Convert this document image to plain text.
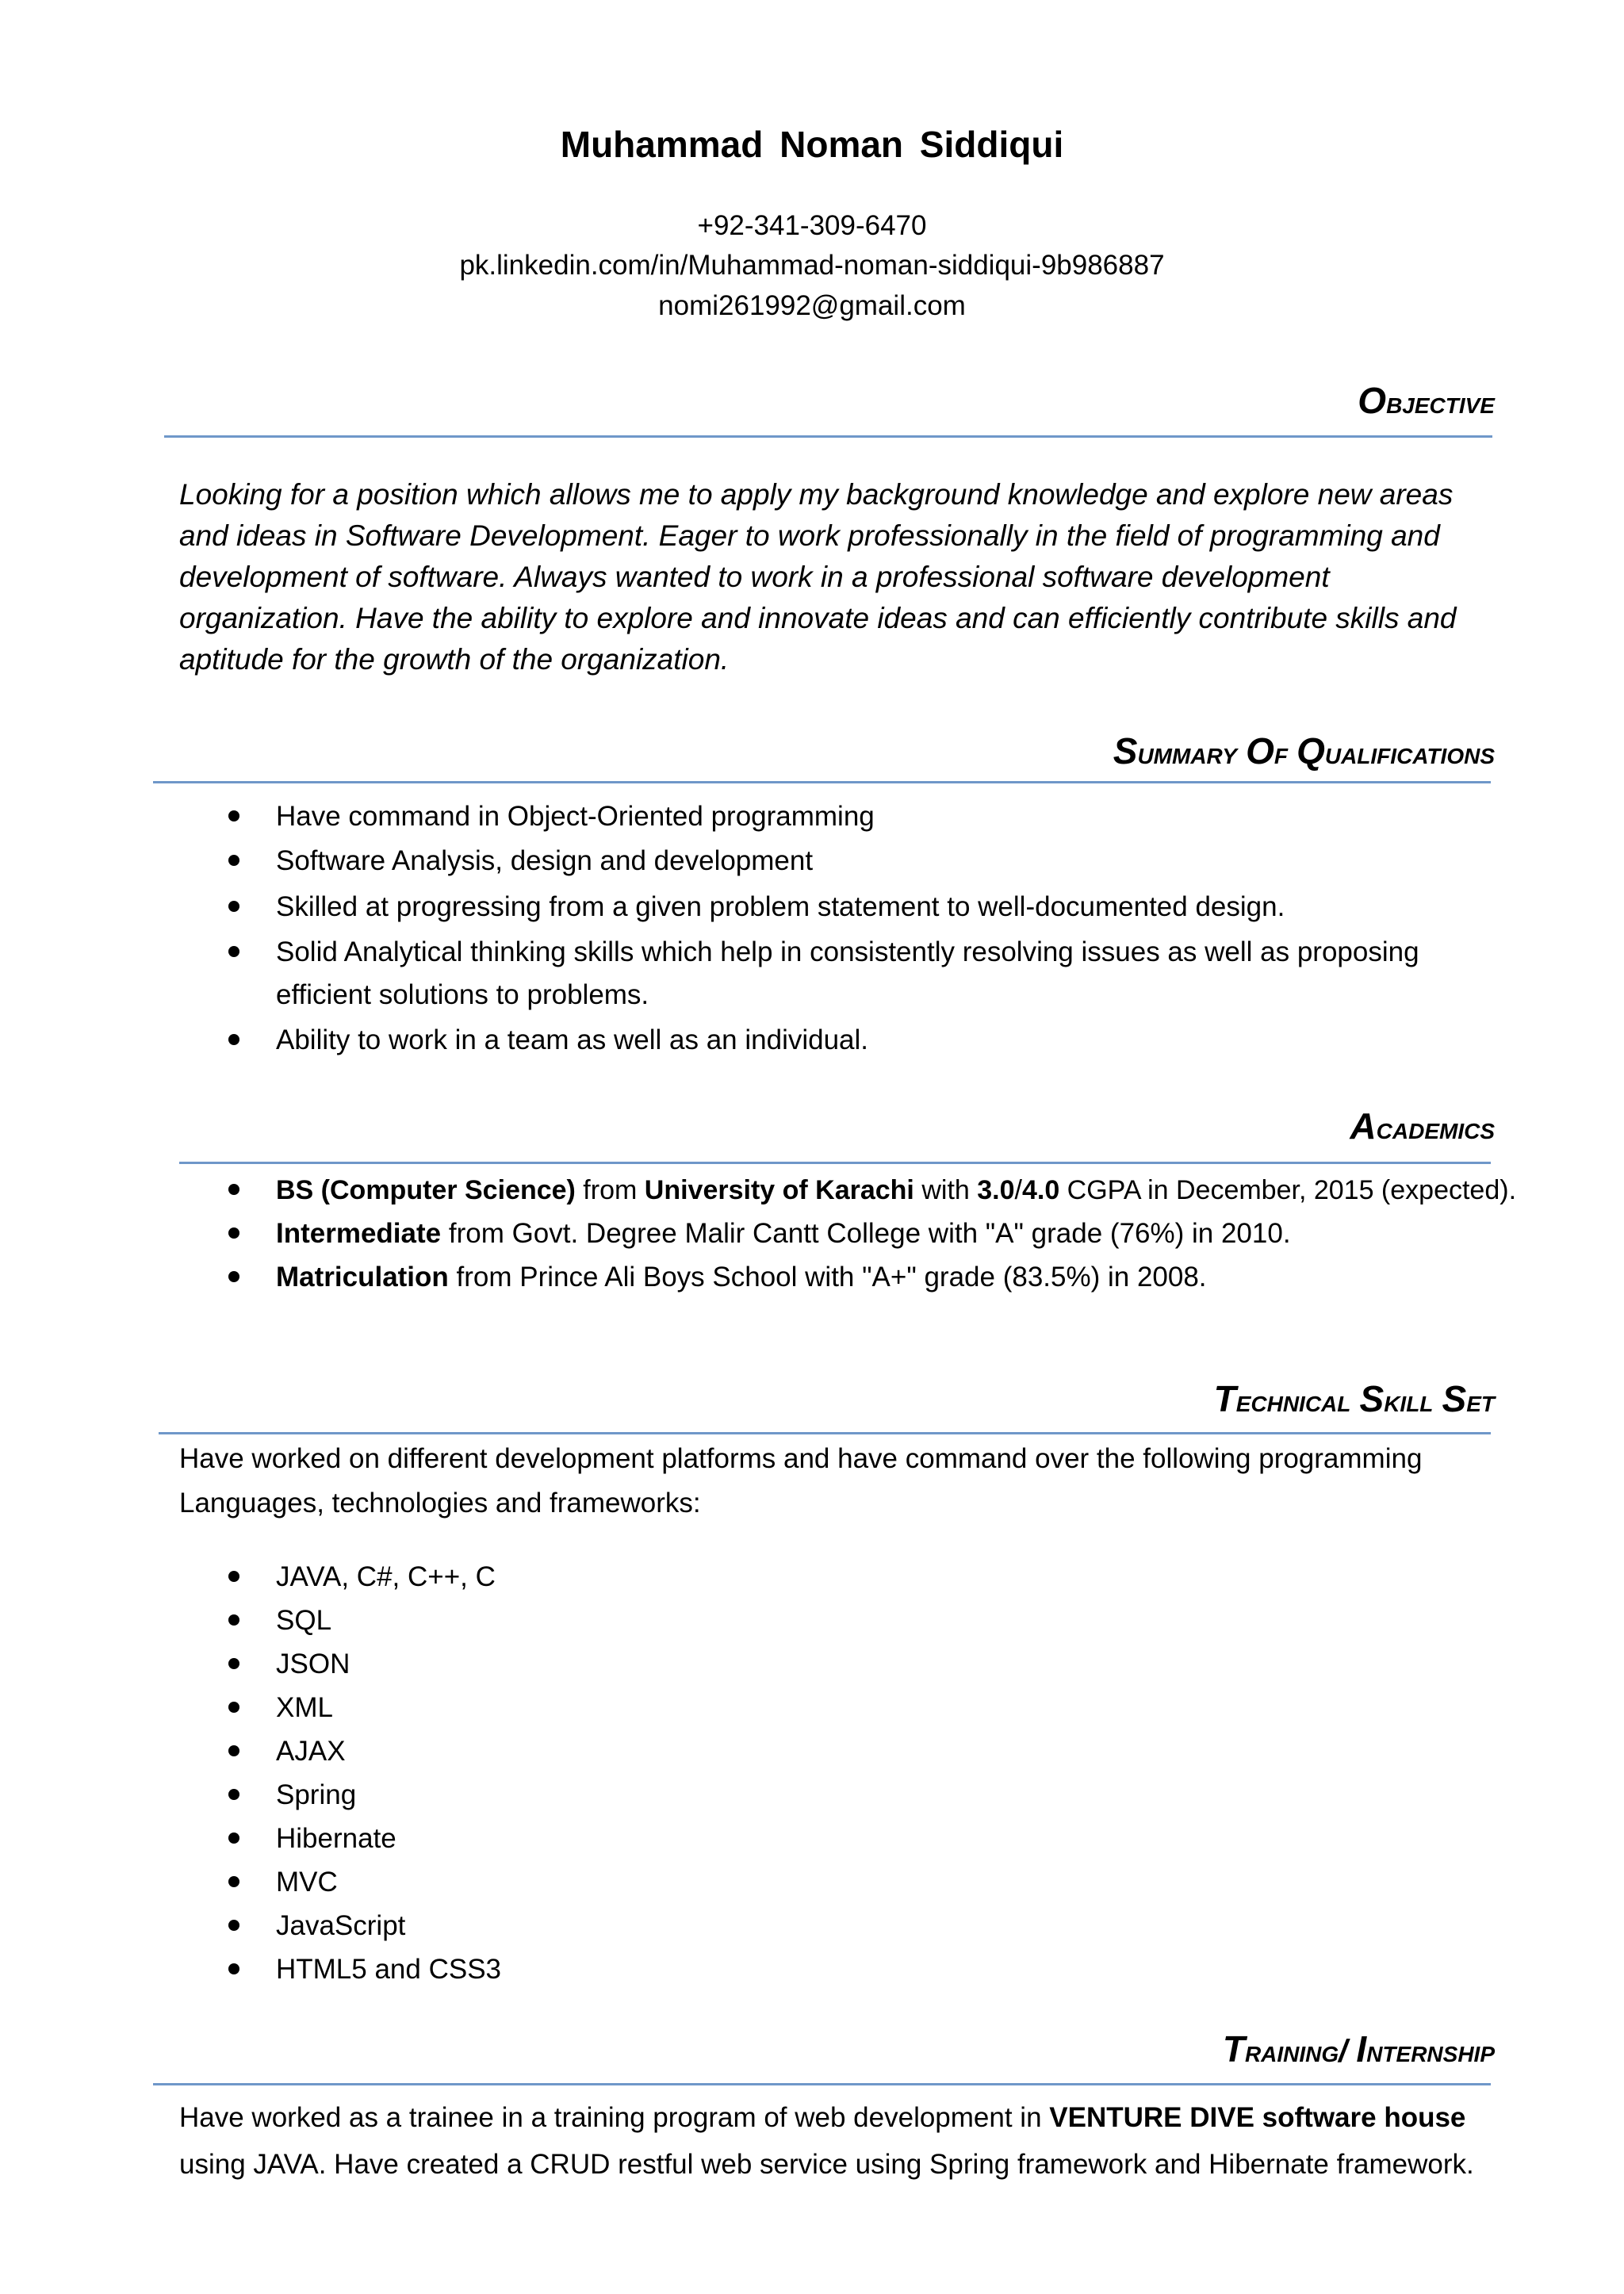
Muhammad Noman Siddiqui
+92-341-309-6470
pk.linkedin.com/in/Muhammad-noman-siddiqui-9b986887
nomi261992@gmail.com
Objective
Looking for a position which allows me to apply my background knowledge and explore new areas and ideas in Software Development. Eager to work professionally in the field of programming and development of software. Always wanted to work in a professional software development organization. Have the ability to explore and innovate ideas and can efficiently contribute skills and aptitude for the growth of the organization.
Summary Of Qualifications
Have command in Object-Oriented programming
Software Analysis, design and development
Skilled at progressing from a given problem statement to well-documented design.
Solid Analytical thinking skills which help in consistently resolving issues as well as proposing efficient solutions to problems.
Ability to work in a team as well as an individual.
Academics
BS (Computer Science) from University of Karachi with 3.0/4.0 CGPA in December, 2015 (expected).
Intermediate from Govt. Degree Malir Cantt College with "A" grade (76%) in 2010.
Matriculation from Prince Ali Boys School with "A+" grade (83.5%) in 2008.
Technical Skill Set
Have worked on different development platforms and have command over the following programming Languages, technologies and frameworks:
JAVA, C#, C++, C
SQL
JSON
XML
AJAX
Spring
Hibernate
MVC
JavaScript
HTML5 and CSS3
Training/ Internship
Have worked as a trainee in a training program of web development in VENTURE DIVE software house using JAVA. Have created a CRUD restful web service using Spring framework and Hibernate framework.
